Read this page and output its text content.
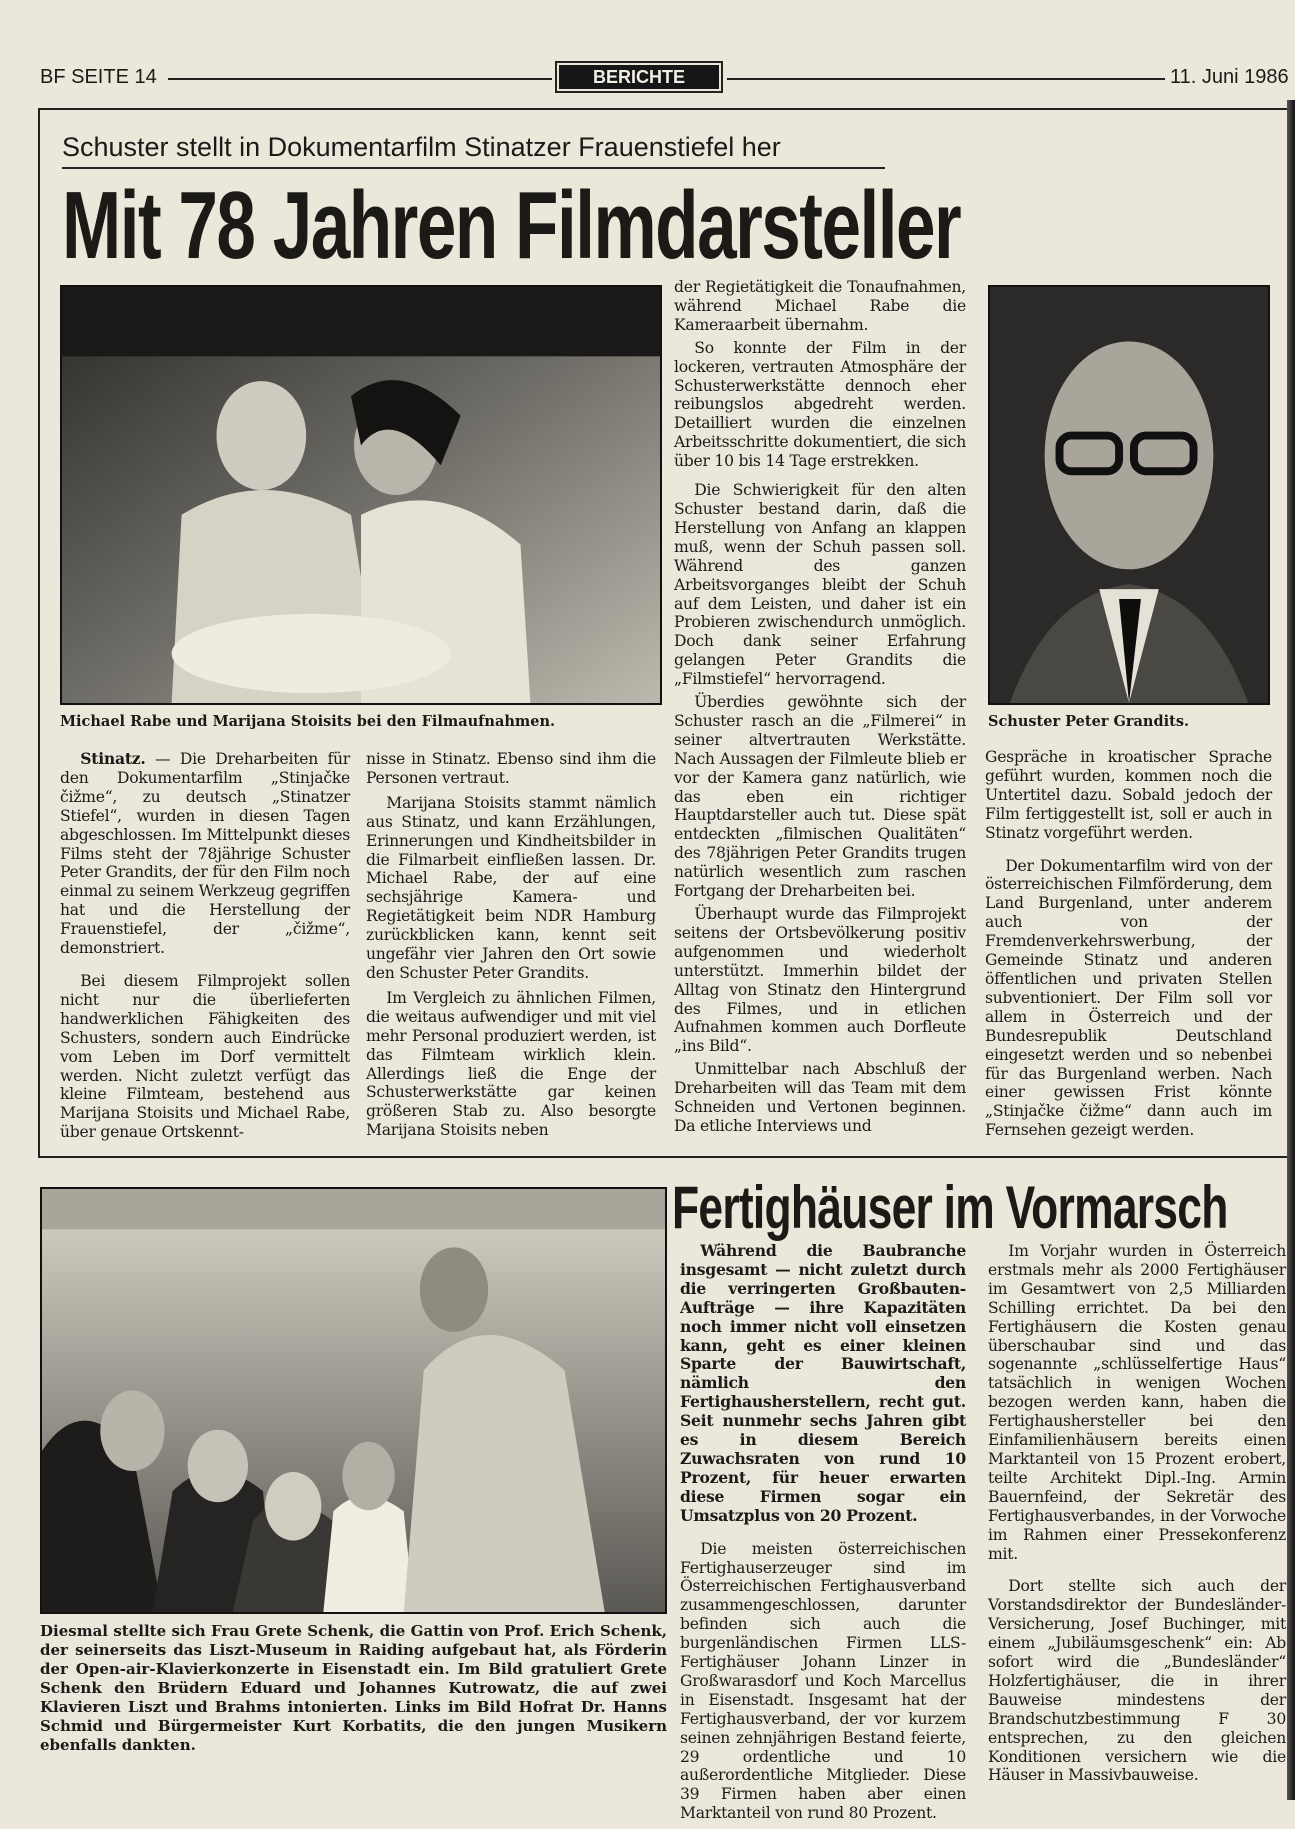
BF SEITE 14	BERICHTE	11. Juni 1986
Schuster stellt in Dokumentarfilm Stinatzer Frauenstiefel her
Mit 78 Jahren Filmdarsteller
Michael Rabe und Marijana Stoisits bei den Filmaufnahmen.	Schuster Peter Grandits.

Stinatz. — Die Dreharbeiten für den Dokumentarfilm „Stinjačke čižme“, zu deutsch „Stinatzer Stiefel“, wurden in diesen Tagen abgeschlossen. Im Mittelpunkt dieses Films steht der 78jährige Schuster Peter Grandits, der für den Film noch einmal zu seinem Werkzeug gegriffen hat und die Herstellung der Frauenstiefel, der „čižme“, demonstriert.

Bei diesem Filmprojekt sollen nicht nur die überlieferten handwerklichen Fähigkeiten des Schusters, sondern auch Eindrücke vom Leben im Dorf vermittelt werden. Nicht zuletzt verfügt das kleine Filmteam, bestehend aus Marijana Stoisits und Michael Rabe, über genaue Ortskennt-

nisse in Stinatz. Ebenso sind ihm die Personen vertraut.

Marijana Stoisits stammt nämlich aus Stinatz, und kann Erzählungen, Erinnerungen und Kindheitsbilder in die Filmarbeit einfließen lassen. Dr. Michael Rabe, der auf eine sechsjährige Kamera- und Regietätigkeit beim NDR Hamburg zurückblicken kann, kennt seit ungefähr vier Jahren den Ort sowie den Schuster Peter Grandits.

Im Vergleich zu ähnlichen Filmen, die weitaus aufwendiger und mit viel mehr Personal produziert werden, ist das Filmteam wirklich klein. Allerdings ließ die Enge der Schusterwerkstätte gar keinen größeren Stab zu. Also besorgte Marijana Stoisits neben

der Regietätigkeit die Tonaufnahmen, während Michael Rabe die Kameraarbeit übernahm.

So konnte der Film in der lockeren, vertrauten Atmosphäre der Schusterwerkstätte dennoch eher reibungslos abgedreht werden. Detailliert wurden die einzelnen Arbeitsschritte dokumentiert, die sich über 10 bis 14 Tage erstrekken.

Die Schwierigkeit für den alten Schuster bestand darin, daß die Herstellung von Anfang an klappen muß, wenn der Schuh passen soll. Während des ganzen Arbeitsvorganges bleibt der Schuh auf dem Leisten, und daher ist ein Probieren zwischendurch unmöglich. Doch dank seiner Erfahrung gelangen Peter Grandits die „Filmstiefel“ hervorragend.

Überdies gewöhnte sich der Schuster rasch an die „Filmerei“ in seiner altvertrauten Werkstätte. Nach Aussagen der Filmleute blieb er vor der Kamera ganz natürlich, wie das eben ein richtiger Hauptdarsteller auch tut. Diese spät entdeckten „filmischen Qualitäten“ des 78jährigen Peter Grandits trugen natürlich wesentlich zum raschen Fortgang der Dreharbeiten bei.

Überhaupt wurde das Filmprojekt seitens der Ortsbevölkerung positiv aufgenommen und wiederholt unterstützt. Immerhin bildet der Alltag von Stinatz den Hintergrund des Filmes, und in etlichen Aufnahmen kommen auch Dorfleute „ins Bild“.

Unmittelbar nach Abschluß der Dreharbeiten will das Team mit dem Schneiden und Vertonen beginnen. Da etliche Interviews und

Gespräche in kroatischer Sprache geführt wurden, kommen noch die Untertitel dazu. Sobald jedoch der Film fertiggestellt ist, soll er auch in Stinatz vorgeführt werden.

Der Dokumentarfilm wird von der österreichischen Filmförderung, dem Land Burgenland, unter anderem auch von der Fremdenverkehrswerbung, der Gemeinde Stinatz und anderen öffentlichen und privaten Stellen subventioniert. Der Film soll vor allem in Österreich und der Bundesrepublik Deutschland eingesetzt werden und so nebenbei für das Burgenland werben. Nach einer gewissen Frist könnte „Stinjačke čižme“ dann auch im Fernsehen gezeigt werden.

Diesmal stellte sich Frau Grete Schenk, die Gattin von Prof. Erich Schenk, der seinerseits das Liszt-Museum in Raiding aufgebaut hat, als Förderin der Open-air-Klavierkonzerte in Eisenstadt ein. Im Bild gratuliert Grete Schenk den Brüdern Eduard und Johannes Kutrowatz, die auf zwei Klavieren Liszt und Brahms intonierten. Links im Bild Hofrat Dr. Hanns Schmid und Bürgermeister Kurt Korbatits, die den jungen Musikern ebenfalls dankten.
Fertighäuser im Vormarsch

Während die Baubranche insgesamt — nicht zuletzt durch die verringerten Großbauten-Aufträge — ihre Kapazitäten noch immer nicht voll einsetzen kann, geht es einer kleinen Sparte der Bauwirtschaft, nämlich den Fertighausherstellern, recht gut. Seit nunmehr sechs Jahren gibt es in diesem Bereich Zuwachsraten von rund 10 Prozent, für heuer erwarten diese Firmen sogar ein Umsatzplus von 20 Prozent.

Die meisten österreichischen Fertighauserzeuger sind im Österreichischen Fertighausverband zusammengeschlossen, darunter befinden sich auch die burgenländischen Firmen LLS-Fertighäuser Johann Linzer in Großwarasdorf und Koch Marcellus in Eisenstadt. Insgesamt hat der Fertighausverband, der vor kurzem seinen zehnjährigen Bestand feierte, 29 ordentliche und 10 außerordentliche Mitglieder. Diese 39 Firmen haben aber einen Marktanteil von rund 80 Prozent.

Im Vorjahr wurden in Österreich erstmals mehr als 2000 Fertighäuser im Gesamtwert von 2,5 Milliarden Schilling errichtet. Da bei den Fertighäusern die Kosten genau überschaubar sind und das sogenannte „schlüsselfertige Haus“ tatsächlich in wenigen Wochen bezogen werden kann, haben die Fertighaushersteller bei den Einfamilienhäusern bereits einen Marktanteil von 15 Prozent erobert, teilte Architekt Dipl.-Ing. Armin Bauernfeind, der Sekretär des Fertighausverbandes, in der Vorwoche im Rahmen einer Pressekonferenz mit.

Dort stellte sich auch der Vorstandsdirektor der Bundesländer-Versicherung, Josef Buchinger, mit einem „Jubiläumsgeschenk“ ein: Ab sofort wird die „Bundesländer“ Holzfertighäuser, die in ihrer Bauweise mindestens der Brandschutzbestimmung F 30 entsprechen, zu den gleichen Konditionen versichern wie die Häuser in Massivbauweise.
